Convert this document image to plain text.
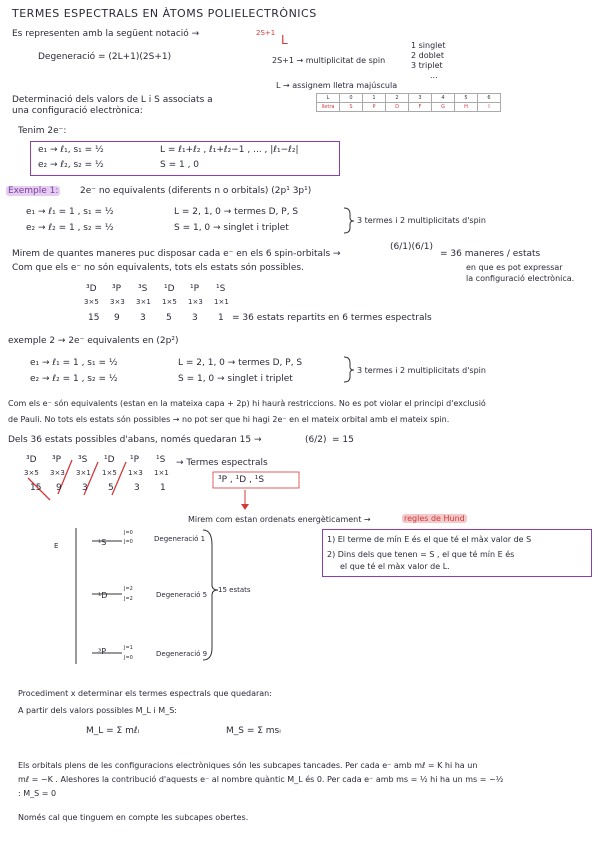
TERMES ESPECTRALS EN ÀTOMS POLIELECTRÒNICS
Es representen amb la següent notació →	2S+1 L
Degeneració = (2L+1)(2S+1)	2S+1 → multiplicitat de spin
1 singlet
2 doblet
3 triplet
...
L → assignem lletra majúscula
L	0	1	2	3	4	5	6
lletra	S	P	D	F	G	H	I
Determinació dels valors de L i S associats a
una configuració electrònica:
Tenim 2e⁻:
e₁ → ℓ₁, s₁ = ½	L = ℓ₁+ℓ₂ , ℓ₁+ℓ₂−1 , ... , |ℓ₁−ℓ₂|
e₂ → ℓ₂, s₂ = ½	S = 1 , 0
Exemple 1: 2e⁻ no equivalents (diferents n o orbitals) (2p¹ 3p¹)
e₁ → ℓ₁ = 1 , s₁ = ½	L = 2, 1, 0 → termes D, P, S
e₂ → ℓ₂ = 1 , s₂ = ½	S = 1, 0 → singlet i triplet
3 termes i 2 multiplicitats d'spin
Mirem de quantes maneres puc disposar cada e⁻ en els 6 spin-orbitals →
(6/1)(6/1)
= 36 maneres / estats
en que es pot expressar
la configuració electrònica.
Com que els e⁻ no són equivalents, tots els estats són possibles.
³D ³P ³S ¹D ¹P ¹S
3×5 3×3 3×1 1×5 1×3 1×1
15 9 3 5 3 1 = 36 estats repartits en 6 termes espectrals
exemple 2 → 2e⁻ equivalents en (2p²)
e₁ → ℓ₁ = 1 , s₁ = ½	L = 2, 1, 0 → termes D, P, S
e₂ → ℓ₂ = 1 , s₂ = ½	S = 1, 0 → singlet i triplet
3 termes i 2 multiplicitats d'spin
Com els e⁻ són equivalents (estan en la mateixa capa + 2p) hi haurà restriccions. No es pot violar el principi d'exclusió
de Pauli. No tots els estats són possibles → no pot ser que hi hagi 2e⁻ en el mateix orbital amb el mateix spin.
Dels 36 estats possibles d'abans, només quedaran 15 →	(6/2) = 15
³D ³P ³S ¹D ¹P ¹S
3×5 3×3 3×1 1×5 1×3 1×1
15 9 3 5 3 1
→ Termes espectrals
³P , ¹D , ¹S
Mirem com estan ordenats energèticament →	regles de Hund
1) El terme de mín E és el que té el màx valor de S
2) Dins dels que tenen = S , el que té mín E és
el que té el màx valor de L.
E	¹S
J=0
J=0	Degeneració 1
¹D
J=2
J=2	Degeneració 5
³P	J=1
J=0	Degeneració 9
15 estats
Procediment x determinar els termes espectrals que quedaran:
A partir dels valors possibles M_L i M_S:
M_L = Σ mℓᵢ	M_S = Σ msᵢ
Els orbitals plens de les configuracions electròniques són les subcapes tancades. Per cada e⁻ amb mℓ = K hi ha un
mℓ = −K . Aleshores la contribució d'aquests e⁻ al nombre quàntic M_L és 0. Per cada e⁻ amb ms = ½ hi ha un ms = −½
: M_S = 0
Només cal que tinguem en compte les subcapes obertes.
